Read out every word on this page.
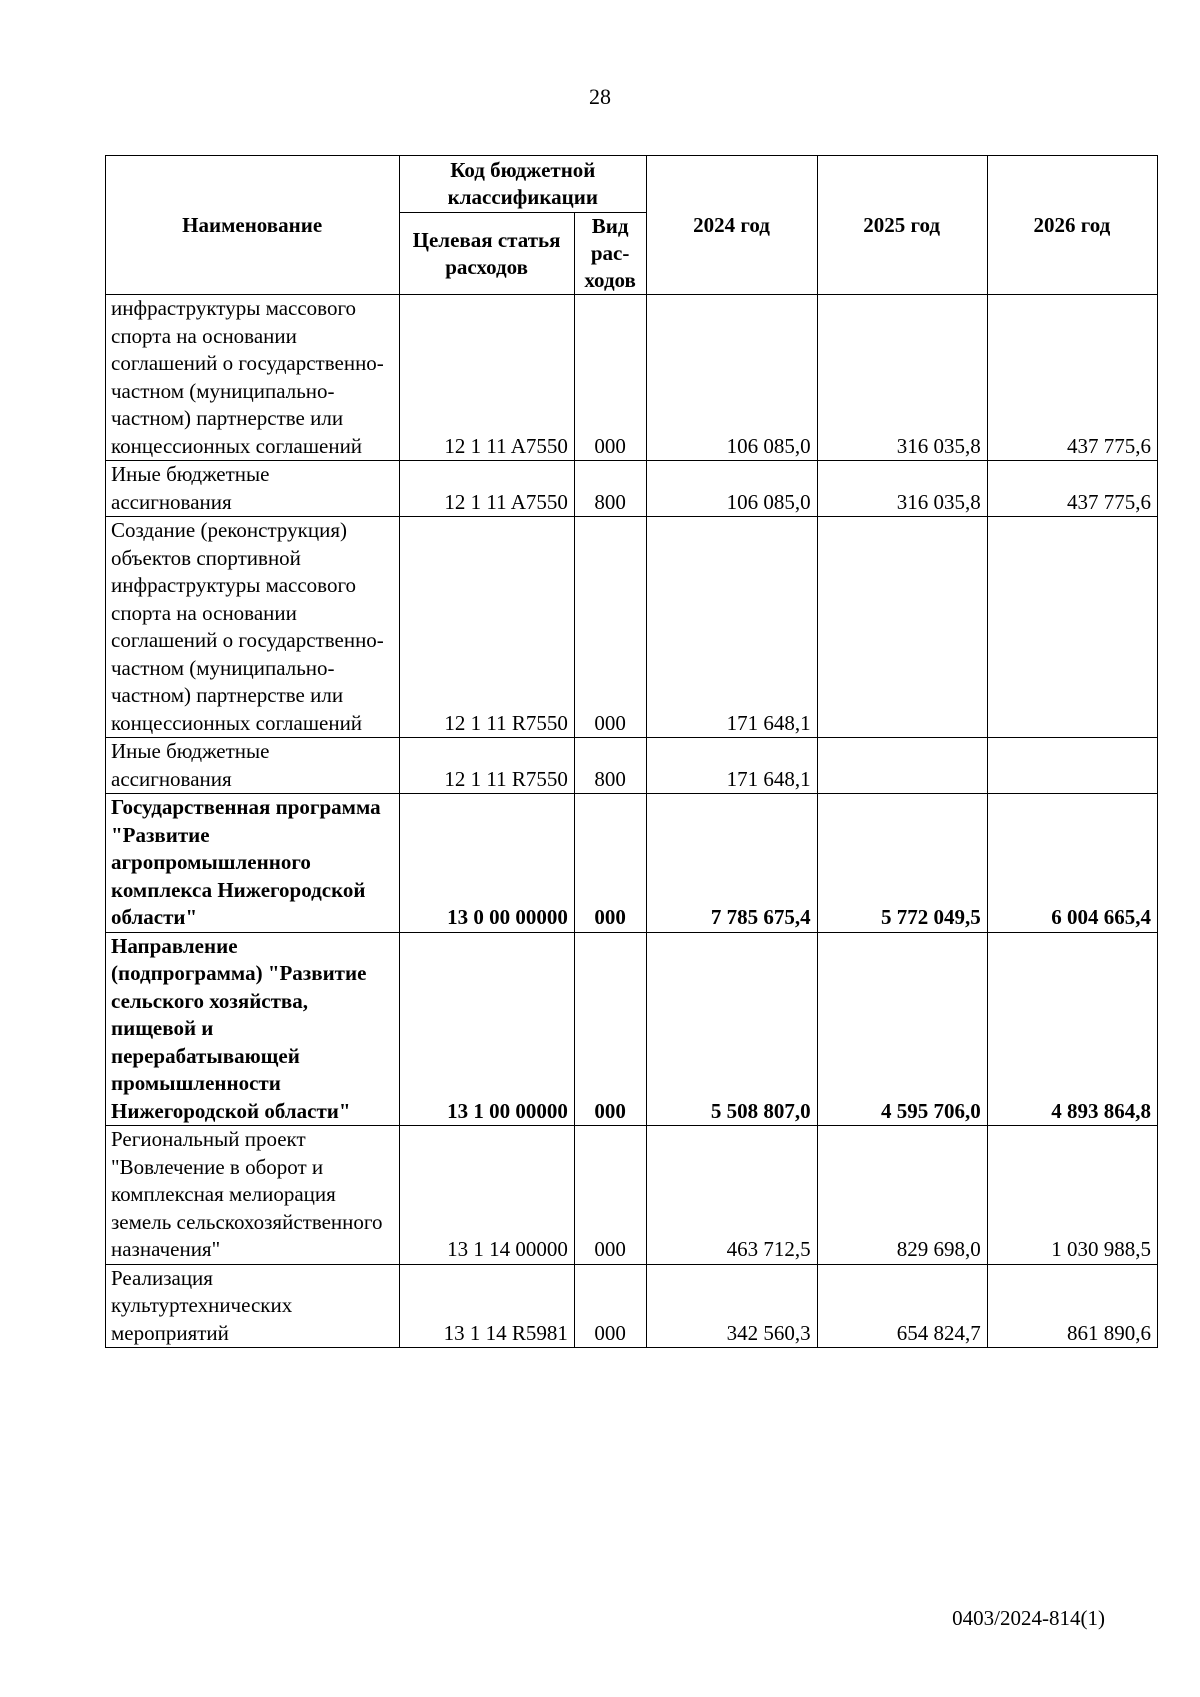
28
Наименование	Код бюджетной классификации		2024 год	2025 год	2026 год
	Целевая статья расходов	Вид рас-ходов			
инфраструктуры массового спорта на основании соглашений о государственно-частном (муниципально-частном) партнерстве или концессионных соглашений	12 1 11 A7550	000	106 085,0	316 035,8	437 775,6
Иные бюджетные ассигнования	12 1 11 A7550	800	106 085,0	316 035,8	437 775,6
Создание (реконструкция) объектов спортивной инфраструктуры массового спорта на основании соглашений о государственно-частном (муниципально-частном) партнерстве или концессионных соглашений	12 1 11 R7550	000	171 648,1		
Иные бюджетные ассигнования	12 1 11 R7550	800	171 648,1		
Государственная программа "Развитие агропромышленного комплекса Нижегородской области"	13 0 00 00000	000	7 785 675,4	5 772 049,5	6 004 665,4
Направление (подпрограмма) "Развитие сельского хозяйства, пищевой и перерабатывающей промышленности Нижегородской области"	13 1 00 00000	000	5 508 807,0	4 595 706,0	4 893 864,8
Региональный проект "Вовлечение в оборот и комплексная мелиорация земель сельскохозяйственного назначения"	13 1 14 00000	000	463 712,5	829 698,0	1 030 988,5
Реализация культуртехнических мероприятий	13 1 14 R5981	000	342 560,3	654 824,7	861 890,6
0403/2024-814(1)
